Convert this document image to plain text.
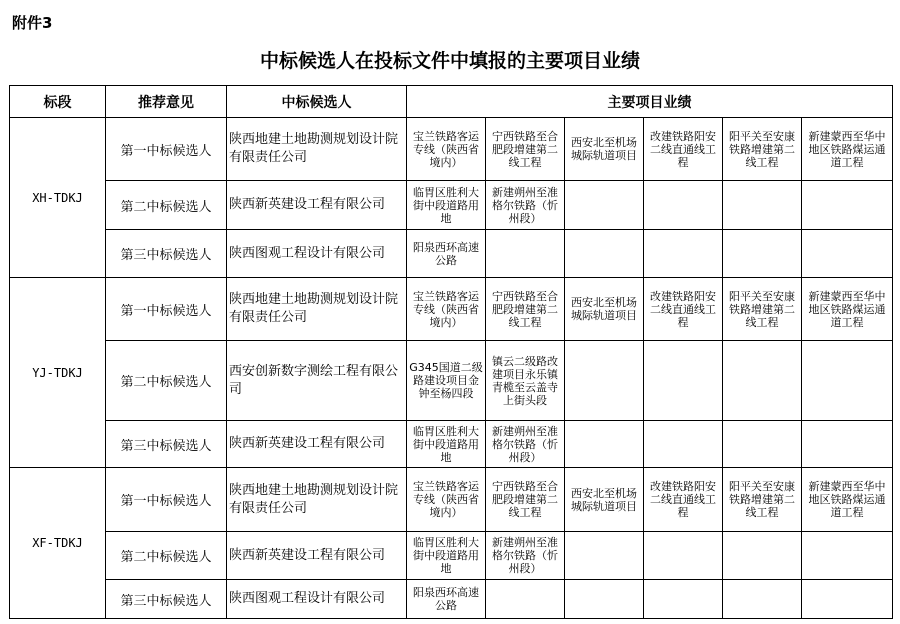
附件3
中标候选人在投标文件中填报的主要项目业绩
标段	推荐意见	中标候选人	主要项目业绩					
XH-TDKJ	第一中标候选人	陕西地建土地勘测规划设计院有限责任公司	宝兰铁路客运专线（陕西省境内）	宁西铁路至合肥段增建第二线工程	西安北至机场城际轨道项目	改建铁路阳安二线直通线工程	阳平关至安康铁路增建第二线工程	新建蒙西至华中地区铁路煤运通道工程
	第二中标候选人	陕西新英建设工程有限公司	临胃区胜利大街中段道路用地	新建朔州至准格尔铁路（忻州段）				
	第三中标候选人	陕西图观工程设计有限公司	阳泉西环高速公路					
YJ-TDKJ	第一中标候选人	陕西地建土地勘测规划设计院有限责任公司	宝兰铁路客运专线（陕西省境内）	宁西铁路至合肥段增建第二线工程	西安北至机场城际轨道项目	改建铁路阳安二线直通线工程	阳平关至安康铁路增建第二线工程	新建蒙西至华中地区铁路煤运通道工程
	第二中标候选人	西安创新数字测绘工程有限公司	G345国道二级路建设项目金钟至杨四段	镇云二级路改建项目永乐镇青榄至云盖寺上街头段				
	第三中标候选人	陕西新英建设工程有限公司	临胃区胜利大街中段道路用地	新建朔州至准格尔铁路（忻州段）				
XF-TDKJ	第一中标候选人	陕西地建土地勘测规划设计院有限责任公司	宝兰铁路客运专线（陕西省境内）	宁西铁路至合肥段增建第二线工程	西安北至机场城际轨道项目	改建铁路阳安二线直通线工程	阳平关至安康铁路增建第二线工程	新建蒙西至华中地区铁路煤运通道工程
	第二中标候选人	陕西新英建设工程有限公司	临胃区胜利大街中段道路用地	新建朔州至准格尔铁路（忻州段）				
	第三中标候选人	陕西图观工程设计有限公司	阳泉西环高速公路					
